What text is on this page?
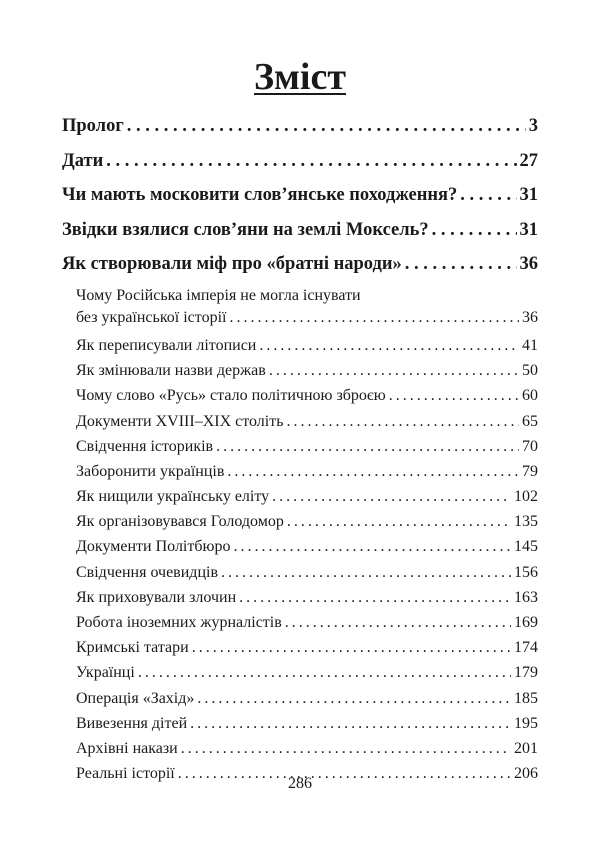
Зміст
Пролог . . .	3
Дати . . .	27
Чи мають московити слов’янське походження? . . .	31
Звідки взялися слов’яни на землі Моксель? . . .	31
Як створювали міф про «братні народи» . . .	36
Чому Російська імперія не могла існувати
без української історії . . .	36
Як переписували літописи . . .	41
Як змінювали назви держав . . .	50
Чому слово «Русь» стало політичною зброєю . . .	60
Документи XVIII–XIX століть . . .	65
Свідчення істориків . . .	70
Заборонити українців . . .	79
Як нищили українську еліту . . .	102
Як організовувався Голодомор . . .	135
Документи Політбюро . . .	145
Свідчення очевидців . . .	156
Як приховували злочин . . .	163
Робота іноземних журналістів . . .	169
Кримські татари . . .	174
Українці . . .	179
Операція «Захід» . . .	185
Вивезення дітей . . .	195
Архівні накази . . .	201
Реальні історії . . .	206
286
